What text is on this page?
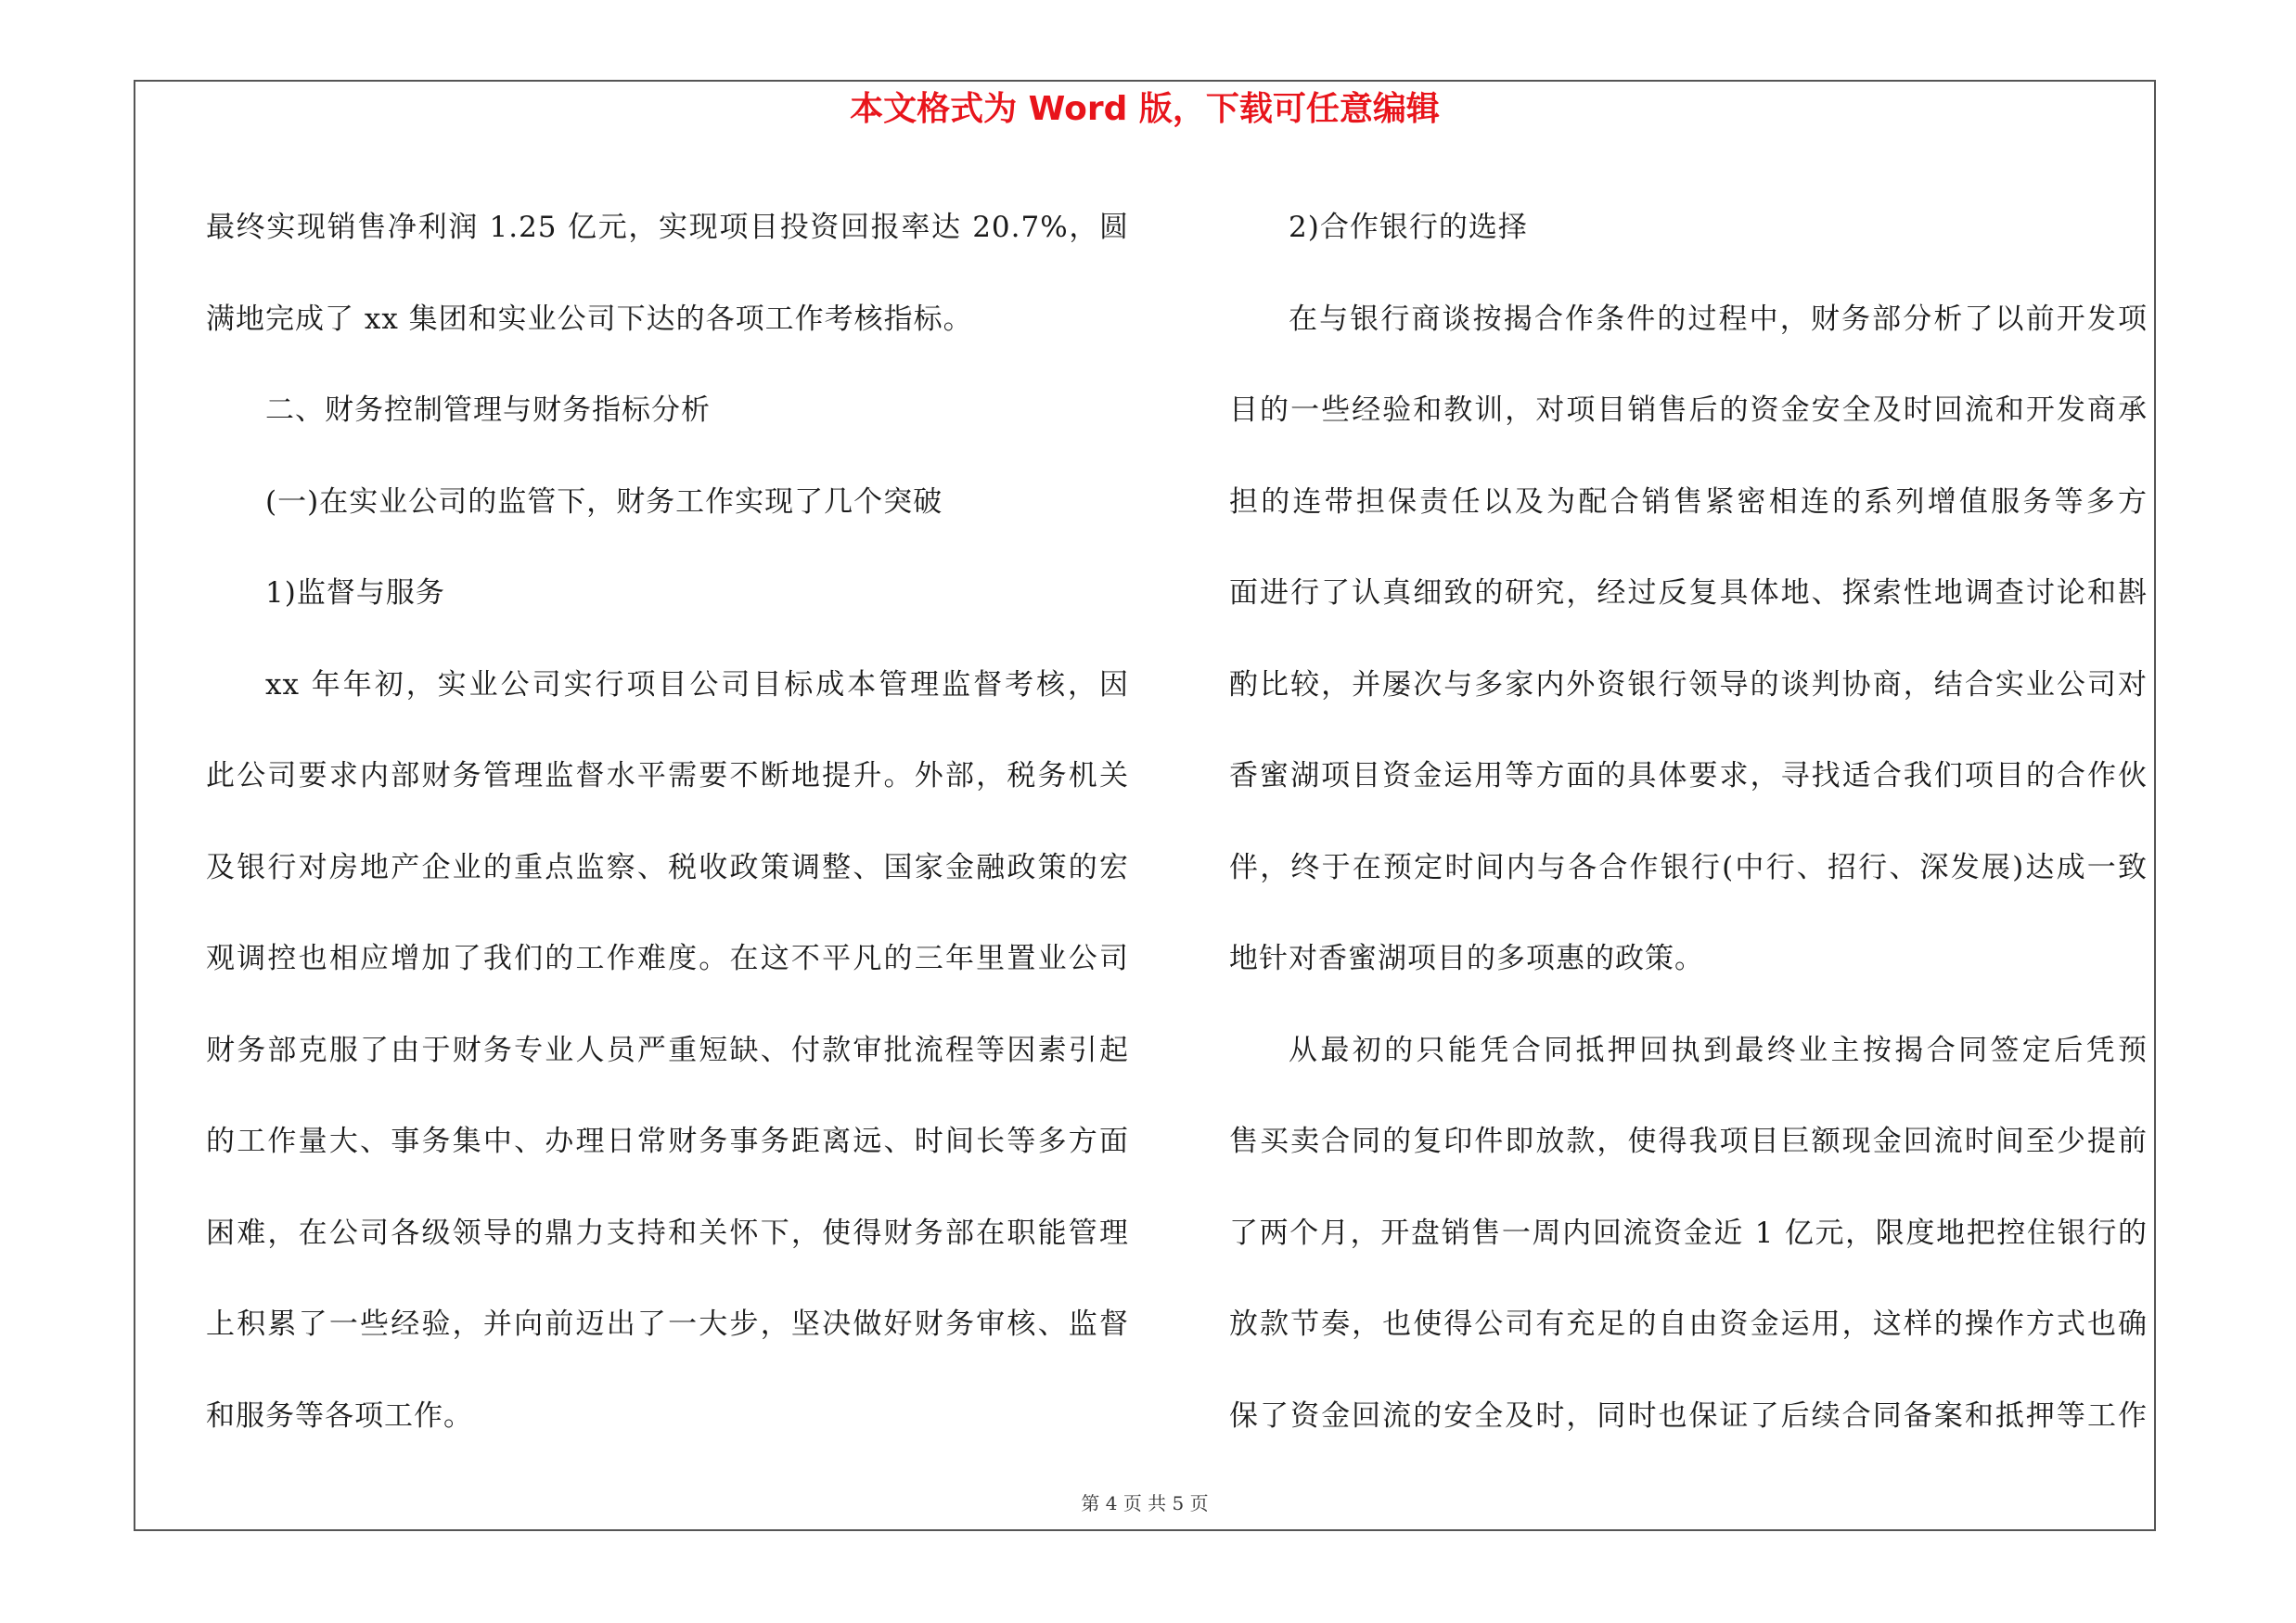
本文格式为 Word 版，下载可任意编辑
最终实现销售净利润 1.25 亿元，实现项目投资回报率达 20.7%，圆
满地完成了 xx 集团和实业公司下达的各项工作考核指标。
二、财务控制管理与财务指标分析
(一)在实业公司的监管下，财务工作实现了几个突破
1)监督与服务
xx 年年初，实业公司实行项目公司目标成本管理监督考核，因
此公司要求内部财务管理监督水平需要不断地提升。外部，税务机关
及银行对房地产企业的重点监察、税收政策调整、国家金融政策的宏
观调控也相应增加了我们的工作难度。在这不平凡的三年里置业公司
财务部克服了由于财务专业人员严重短缺、付款审批流程等因素引起
的工作量大、事务集中、办理日常财务事务距离远、时间长等多方面
困难，在公司各级领导的鼎力支持和关怀下，使得财务部在职能管理
上积累了一些经验，并向前迈出了一大步，坚决做好财务审核、监督
和服务等各项工作。
2)合作银行的选择
在与银行商谈按揭合作条件的过程中，财务部分析了以前开发项
目的一些经验和教训，对项目销售后的资金安全及时回流和开发商承
担的连带担保责任以及为配合销售紧密相连的系列增值服务等多方
面进行了认真细致的研究，经过反复具体地、探索性地调查讨论和斟
酌比较，并屡次与多家内外资银行领导的谈判协商，结合实业公司对
香蜜湖项目资金运用等方面的具体要求，寻找适合我们项目的合作伙
伴，终于在预定时间内与各合作银行(中行、招行、深发展)达成一致
地针对香蜜湖项目的多项惠的政策。
从最初的只能凭合同抵押回执到最终业主按揭合同签定后凭预
售买卖合同的复印件即放款，使得我项目巨额现金回流时间至少提前
了两个月，开盘销售一周内回流资金近 1 亿元，限度地把控住银行的
放款节奏，也使得公司有充足的自由资金运用，这样的操作方式也确
保了资金回流的安全及时，同时也保证了后续合同备案和抵押等工作
第 4 页 共 5 页
